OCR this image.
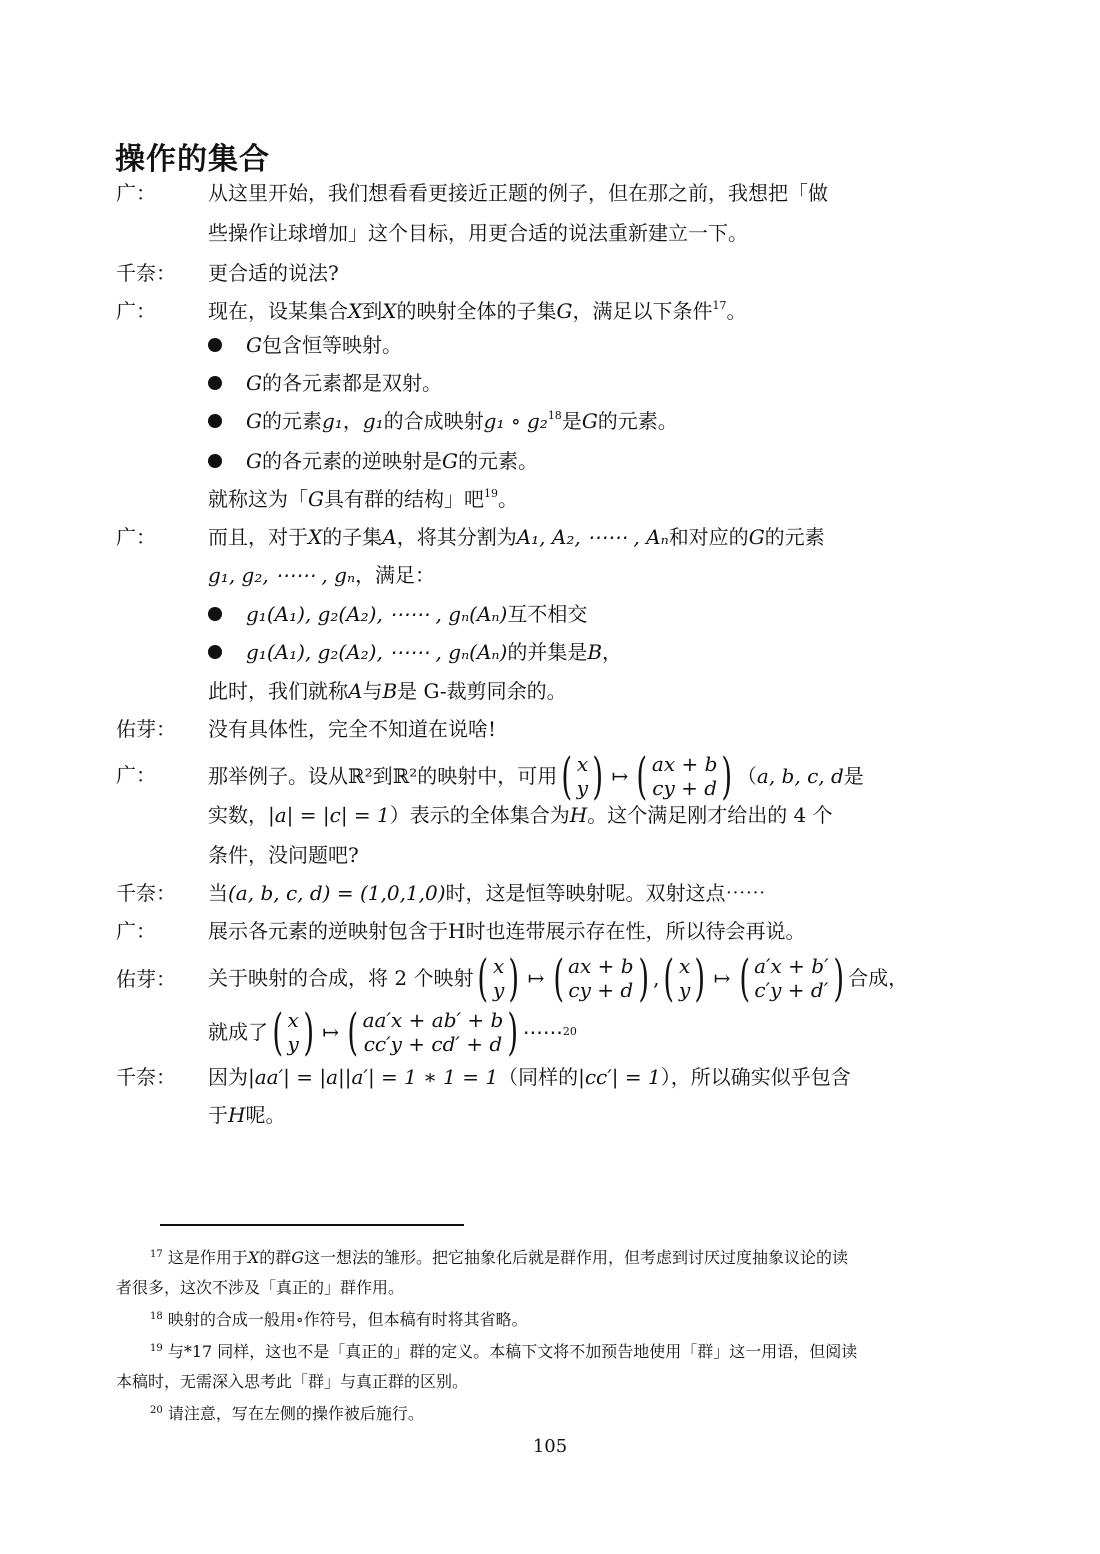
操作的集合
广：	从这里开始，我们想看看更接近正题的例子，但在那之前，我想把「做
些操作让球增加」这个目标，用更合适的说法重新建立一下。
千奈： 更合适的说法?
广：	现在，设某集合X到X的映射全体的子集G，满足以下条件$^{17}$。
G包含恒等映射。
G的各元素都是双射。
G的元素g₁，g₁的合成映射g₁ ∘ g₂$^{18}$是G的元素。
G的各元素的逆映射是G的元素。
就称这为「G具有群的结构」吧$^{19}$。
广：	而且，对于X的子集A，将其分割为A₁, A₂, ⋯⋯ , Aₙ和对应的G的元素
g₁, g₂, ⋯⋯ , gₙ，满足：
g₁(A₁), g₂(A₂), ⋯⋯ , gₙ(Aₙ)互不相交
g₁(A₁), g₂(A₂), ⋯⋯ , gₙ(Aₙ)的并集是B，
此时，我们就称A与B是 G-裁剪同余的。
佑芽： 没有具体性，完全不知道在说啥!
广：	那举例子。设从ℝ²到ℝ²的映射中，可用 ( x
y ) ↦ ( ax + b
cy + d ) （ a, b, c, d 是
实数，|a| = |c| = 1）表示的全体集合为H。这个满足刚才给出的 4 个
条件，没问题吧?
千奈： 当(a, b, c, d) = (1,0,1,0)时，这是恒等映射呢。双射这点⋯⋯
广：	展示各元素的逆映射包含于H时也连带展示存在性，所以待会再说。
佑芽： 关于映射的合成，将 2 个映射 ( x
y ) ↦ ( ax + b
cy + d ) , ( x
y ) ↦ ( a′x + b′
c′y + d′ ) 合成，
就成了 ( x
y ) ↦ ( aa′x + ab′ + b
cc′y + cd′ + d ) ⋯⋯ 20
千奈： 因为|aa′| = |a||a′| = 1 ∗ 1 = 1（同样的|cc′| = 1），所以确实似乎包含
于H呢。
$^{17}$ 这是作用于X的群G这一想法的雏形。把它抽象化后就是群作用，但考虑到讨厌过度抽象议论的读
者很多，这次不涉及「真正的」群作用。
$^{18}$ 映射的合成一般用∘作符号，但本稿有时将其省略。
$^{19}$ 与*17 同样，这也不是「真正的」群的定义。本稿下文将不加预告地使用「群」这一用语，但阅读
本稿时，无需深入思考此「群」与真正群的区别。
$^{20}$ 请注意，写在左侧的操作被后施行。
105
